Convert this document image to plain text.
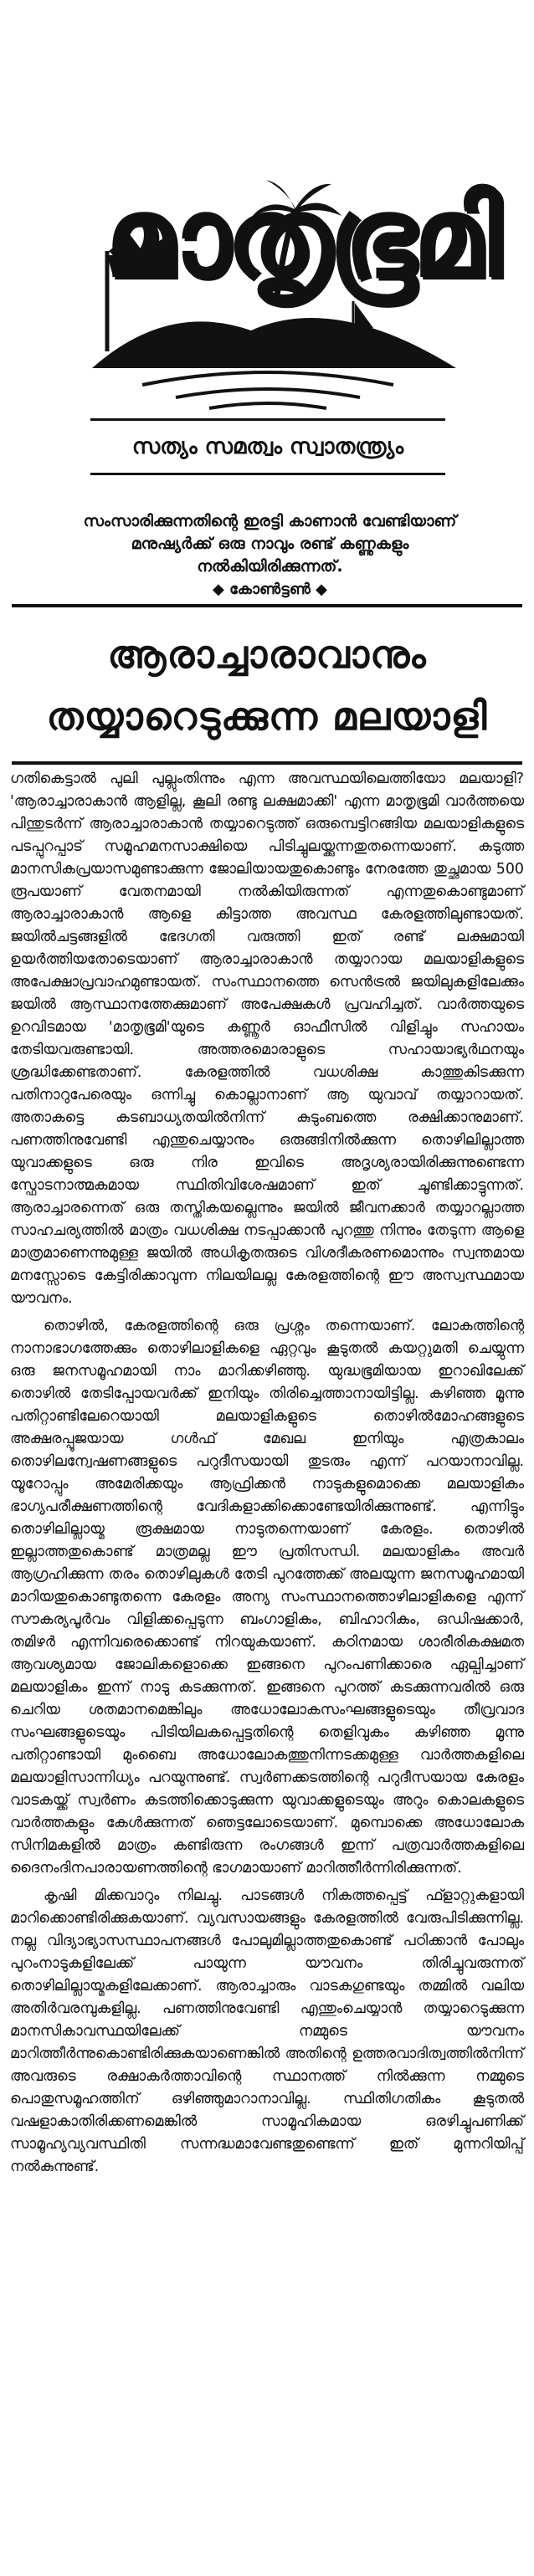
മാതൃഭൂമി
സത്യം സമത്വം സ്വാതന്ത്ര്യം
സംസാരിക്കുന്നതിന്റെ ഇരട്ടി കാണാൻ വേണ്ടിയാണ്
മനുഷ്യർക്ക് ഒരു നാവും രണ്ട് കണ്ണുകളും
നൽകിയിരിക്കുന്നത്.
◆ കോൺട്ടൺ ◆
ആരാച്ചാരാവാനും
തയ്യാറെടുക്കുന്ന മലയാളി

ഗതികെട്ടാൽ പുലി പുല്ലുംതിന്നും എന്ന അവസ്ഥയിലെത്തിയോ മലയാളി? 'ആരാച്ചാരാകാൻ ആളില്ല, കൂലി രണ്ടു ലക്ഷമാക്കി' എന്ന മാതൃഭൂമി വാർത്തയെ പിന്തുടർന്ന് ആരാച്ചാരാകാൻ തയ്യാറെടുത്ത് ഒരുമ്പെട്ടിറങ്ങിയ മലയാളികളുടെ പടപ്പുറപ്പാട് സമൂഹമനസാക്ഷിയെ പിടിച്ചുലയ്ക്കുന്നതുതന്നെയാണ്. കടുത്ത മാനസികപ്രയാസമുണ്ടാക്കുന്ന ജോലിയായതുകൊണ്ടും നേരത്തേ തുച്ഛമായ 500 രൂപയാണ് വേതനമായി നൽകിയിരുന്നത് എന്നതുകൊണ്ടുമാണ് ആരാച്ചാരാകാൻ ആളെ കിട്ടാത്ത അവസ്ഥ കേരളത്തിലുണ്ടായത്. ജയിൽചട്ടങ്ങളിൽ ഭേദഗതി വരുത്തി ഇത് രണ്ട് ലക്ഷമായി ഉയർത്തിയതോടെയാണ് ആരാച്ചാരാകാൻ തയ്യാറായ മലയാളികളുടെ അപേക്ഷാപ്രവാഹമുണ്ടായത്. സംസ്ഥാനത്തെ സെൻട്രൽ ജയിലുകളിലേക്കും ജയിൽ ആസ്ഥാനത്തേക്കുമാണ് അപേക്ഷകൾ പ്രവഹിച്ചത്. വാർത്തയുടെ ഉറവിടമായ 'മാതൃഭൂമി'യുടെ കണ്ണൂർ ഓഫീസിൽ വിളിച്ചും സഹായം തേടിയവരുണ്ടായി. അത്തരമൊരാളുടെ സഹായാഭ്യർഥനയും ശ്രദ്ധിക്കേണ്ടതാണ്. കേരളത്തിൽ വധശിക്ഷ കാത്തുകിടക്കുന്ന പതിനാറുപേരെയും ഒന്നിച്ചു കൊല്ലാനാണ് ആ യുവാവ് തയ്യാറായത്. അതാകട്ടെ കടബാധ്യതയിൽനിന്ന് കുടുംബത്തെ രക്ഷിക്കാനുമാണ്. പണത്തിനുവേണ്ടി എന്തുചെയ്യാനും ഒരുങ്ങിനിൽക്കുന്ന തൊഴിലില്ലാത്ത യുവാക്കളുടെ ഒരു നിര ഇവിടെ അദൃശ്യരായിരിക്കുന്നുണ്ടെന്ന സ്ഫോടനാത്മകമായ സ്ഥിതിവിശേഷമാണ് ഇത് ചൂണ്ടിക്കാട്ടുന്നത്. ആരാച്ചാരന്നെത് ഒരു തസ്തികയല്ലെന്നും ജയിൽ ജീവനക്കാർ തയ്യാറല്ലാത്ത സാഹചര്യത്തിൽ മാത്രം വധശിക്ഷ നടപ്പാക്കാൻ പുറത്തു നിന്നും തേടുന്ന ആളെ മാത്രമാണെന്നുമുള്ള ജയിൽ അധികൃതരുടെ വിശദീകരണമൊന്നും സ്വന്തമായ മനസ്സോടെ കേട്ടിരിക്കാവുന്ന നിലയിലല്ല കേരളത്തിന്റെ ഈ അസ്വസ്ഥമായ യൗവനം.

തൊഴിൽ, കേരളത്തിന്റെ ഒരു പ്രശ്നം തന്നെയാണ്. ലോകത്തിന്റെ നാനാഭാഗത്തേക്കും തൊഴിലാളികളെ ഏറ്റവും കൂടുതൽ കയറ്റുമതി ചെയ്യുന്ന ഒരു ജനസമൂഹമായി നാം മാറിക്കഴിഞ്ഞു. യുദ്ധഭൂമിയായ ഇറാഖിലേക്ക് തൊഴിൽ തേടിപ്പോയവർക്ക് ഇനിയും തിരിച്ചെത്താനായിട്ടില്ല. കഴിഞ്ഞ മൂന്നു പതിറ്റാണ്ടിലേറെയായി മലയാളികളുടെ തൊഴിൽമോഹങ്ങളുടെ അക്ഷരപ്പൂജയായ ഗൾഫ് മേഖല ഇനിയും എത്രകാലം തൊഴിലന്വേഷണങ്ങളുടെ പറുദീസയായി തുടരും എന്ന് പറയാനാവില്ല. യൂറോപ്പും അമേരിക്കയും ആഫ്രിക്കൻ നാടുകളുമൊക്കെ മലയാളികം ഭാഗ്യപരീക്ഷണത്തിന്റെ വേദികളാക്കിക്കൊണ്ടേയിരിക്കുന്നുണ്ട്. എന്നിട്ടും തൊഴിലില്ലായ്മ രൂക്ഷമായ നാടുതന്നെയാണ് കേരളം. തൊഴിൽ ഇല്ലാത്തതുകൊണ്ട് മാത്രമല്ല ഈ പ്രതിസന്ധി. മലയാളികം അവർ ആഗ്രഹിക്കുന്ന തരം തൊഴിലുകൾ തേടി പുറത്തേക്ക് അലയുന്ന ജനസമൂഹമായി മാറിയതുകൊണ്ടുതന്നെ കേരളം അന്യ സംസ്ഥാനത്തൊഴിലാളികളെ എന്ന് സൗകര്യപൂർവം വിളിക്കപ്പെടുന്ന ബംഗാളികം, ബിഹാറികം, ഒഡിഷക്കാർ, തമിഴർ എന്നിവരെക്കൊണ്ട് നിറയുകയാണ്. കഠിനമായ ശാരീരികക്ഷമത ആവശ്യമായ ജോലികളൊക്കെ ഇങ്ങനെ പുറംപണിക്കാരെ ഏല്പിച്ചാണ് മലയാളികം ഇന്ന് നാടു കടക്കുന്നത്. ഇങ്ങനെ പുറത്ത് കടക്കുന്നവരിൽ ഒരു ചെറിയ ശതമാനമെങ്കിലും അധോലോകസംഘങ്ങളുടെയും തീവ്രവാദ സംഘങ്ങളുടെയും പിടിയിലകപ്പെട്ടതിന്റെ തെളിവുകം കഴിഞ്ഞ മൂന്നു പതിറ്റാണ്ടായി മുംബൈ അധോലോകത്തുനിന്നടക്കമുള്ള വാർത്തകളിലെ മലയാളിസാന്നിധ്യം പറയുന്നുണ്ട്. സ്വർണക്കടത്തിന്റെ പറുദീസയായ കേരളം വാടകയ്ക്ക് സ്വർണം കടത്തിക്കൊടുക്കുന്ന യുവാക്കളുടെയും അറും കൊലകളുടെ വാർത്തകളും കേൾക്കുന്നത് ഞെട്ടലോടെയാണ്. മുമ്പൊക്കെ അധോലോക സിനിമകളിൽ മാത്രം കണ്ടിരുന്ന രംഗങ്ങൾ ഇന്ന് പത്രവാർത്തകളിലെ ദൈനംദിനപാരായണത്തിന്റെ ഭാഗമായാണ് മാറിത്തീർന്നിരിക്കുന്നത്.

കൃഷി മിക്കവാറും നിലച്ചു. പാടങ്ങൾ നികത്തപ്പെട്ട് ഫ്ളാറ്റുകളായി മാറിക്കൊണ്ടിരിക്കുകയാണ്. വ്യവസായങ്ങളും കേരളത്തിൽ വേരുപിടിക്കുന്നില്ല. നല്ല വിദ്യാഭ്യാസസ്ഥാപനങ്ങൾ പോലുമില്ലാത്തതുകൊണ്ട് പഠിക്കാൻ പോലും പുറംനാടുകളിലേക്ക് പായുന്ന യൗവനം തിരിച്ചുവരുന്നത് തൊഴിലില്ലായ്മകളിലേക്കാണ്. ആരാച്ചാരും വാടകഗുണ്ടയും തമ്മിൽ വലിയ അതിർവരമ്പുകളില്ല. പണത്തിനുവേണ്ടി എന്തുംചെയ്യാൻ തയ്യാറെടുക്കുന്ന മാനസികാവസ്ഥയിലേക്ക് നമ്മുടെ യൗവനം മാറിത്തീർന്നുകൊണ്ടിരിക്കുകയാണെങ്കിൽ അതിന്റെ ഉത്തരവാദിത്വത്തിൽനിന്ന് അവരുടെ രക്ഷാകർത്താവിന്റെ സ്ഥാനത്ത് നിൽക്കുന്ന നമ്മുടെ പൊതുസമൂഹത്തിന് ഒഴിഞ്ഞുമാറാനാവില്ല. സ്ഥിതിഗതികം കൂടുതൽ വഷളാകാതിരിക്കണമെങ്കിൽ സാമൂഹികമായ ഒരഴിച്ചുപണിക്ക് സാമൂഹ്യവ്യവസ്ഥിതി സന്നദ്ധമാവേണ്ടതുണ്ടെന്ന് ഇത് മുന്നറിയിപ്പ് നൽകുന്നുണ്ട്.
